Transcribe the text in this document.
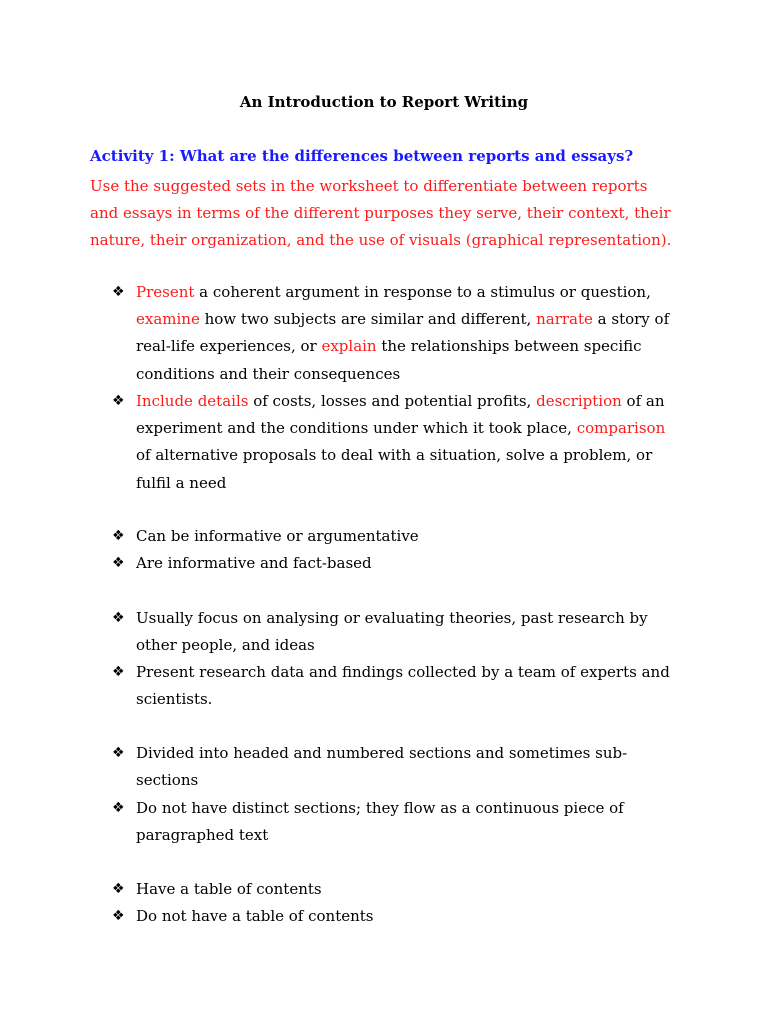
An Introduction to Report Writing
Activity 1: What are the differences between reports and essays?
Use the suggested sets in the worksheet to differentiate between reports
and essays in terms of the different purposes they serve, their context, their
nature, their organization, and the use of visuals (graphical representation).
❖ Present a coherent argument in response to a stimulus or question, examine how two subjects are similar and different, narrate a story of real-life experiences, or explain the relationships between specific conditions and their consequences
❖ Include details of costs, losses and potential profits, description of an experiment and the conditions under which it took place, comparison of alternative proposals to deal with a situation, solve a problem, or fulfil a need
❖ Can be informative or argumentative
❖ Are informative and fact-based
❖ Usually focus on analysing or evaluating theories, past research by other people, and ideas
❖ Present research data and findings collected by a team of experts and scientists.
❖ Divided into headed and numbered sections and sometimes sub-sections
❖ Do not have distinct sections; they flow as a continuous piece of paragraphed text
❖ Have a table of contents
❖ Do not have a table of contents
